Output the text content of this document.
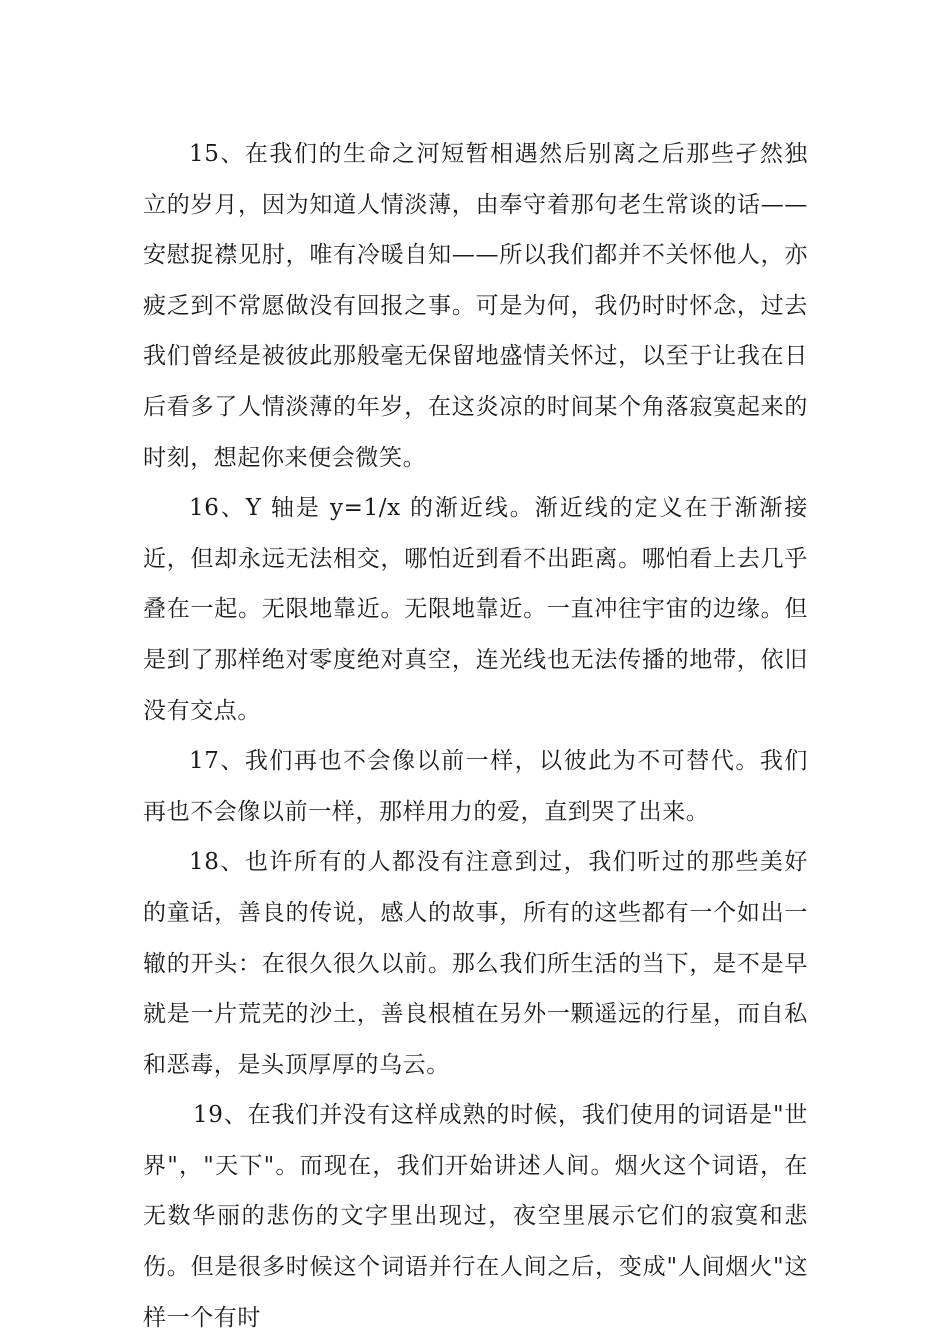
15、在我们的生命之河短暂相遇然后别离之后那些孑然独立的岁月，因为知道人情淡薄，由奉守着那句老生常谈的话——安慰捉襟见肘，唯有冷暖自知——所以我们都并不关怀他人，亦疲乏到不常愿做没有回报之事。可是为何，我仍时时怀念，过去我们曾经是被彼此那般毫无保留地盛情关怀过，以至于让我在日后看多了人情淡薄的年岁，在这炎凉的时间某个角落寂寞起来的时刻，想起你来便会微笑。

16、Y 轴是 y=1/x 的渐近线。渐近线的定义在于渐渐接近，但却永远无法相交，哪怕近到看不出距离。哪怕看上去几乎叠在一起。无限地靠近。无限地靠近。一直冲往宇宙的边缘。但是到了那样绝对零度绝对真空，连光线也无法传播的地带，依旧没有交点。

17、我们再也不会像以前一样，以彼此为不可替代。我们再也不会像以前一样，那样用力的爱，直到哭了出来。

18、也许所有的人都没有注意到过，我们听过的那些美好的童话，善良的传说，感人的故事，所有的这些都有一个如出一辙的开头：在很久很久以前。那么我们所生活的当下，是不是早就是一片荒芜的沙土，善良根植在另外一颗遥远的行星，而自私和恶毒，是头顶厚厚的乌云。

19、在我们并没有这样成熟的时候，我们使用的词语是"世界"，"天下"。而现在，我们开始讲述人间。烟火这个词语，在无数华丽的悲伤的文字里出现过，夜空里展示它们的寂寞和悲伤。但是很多时候这个词语并行在人间之后，变成"人间烟火"这样一个有时
